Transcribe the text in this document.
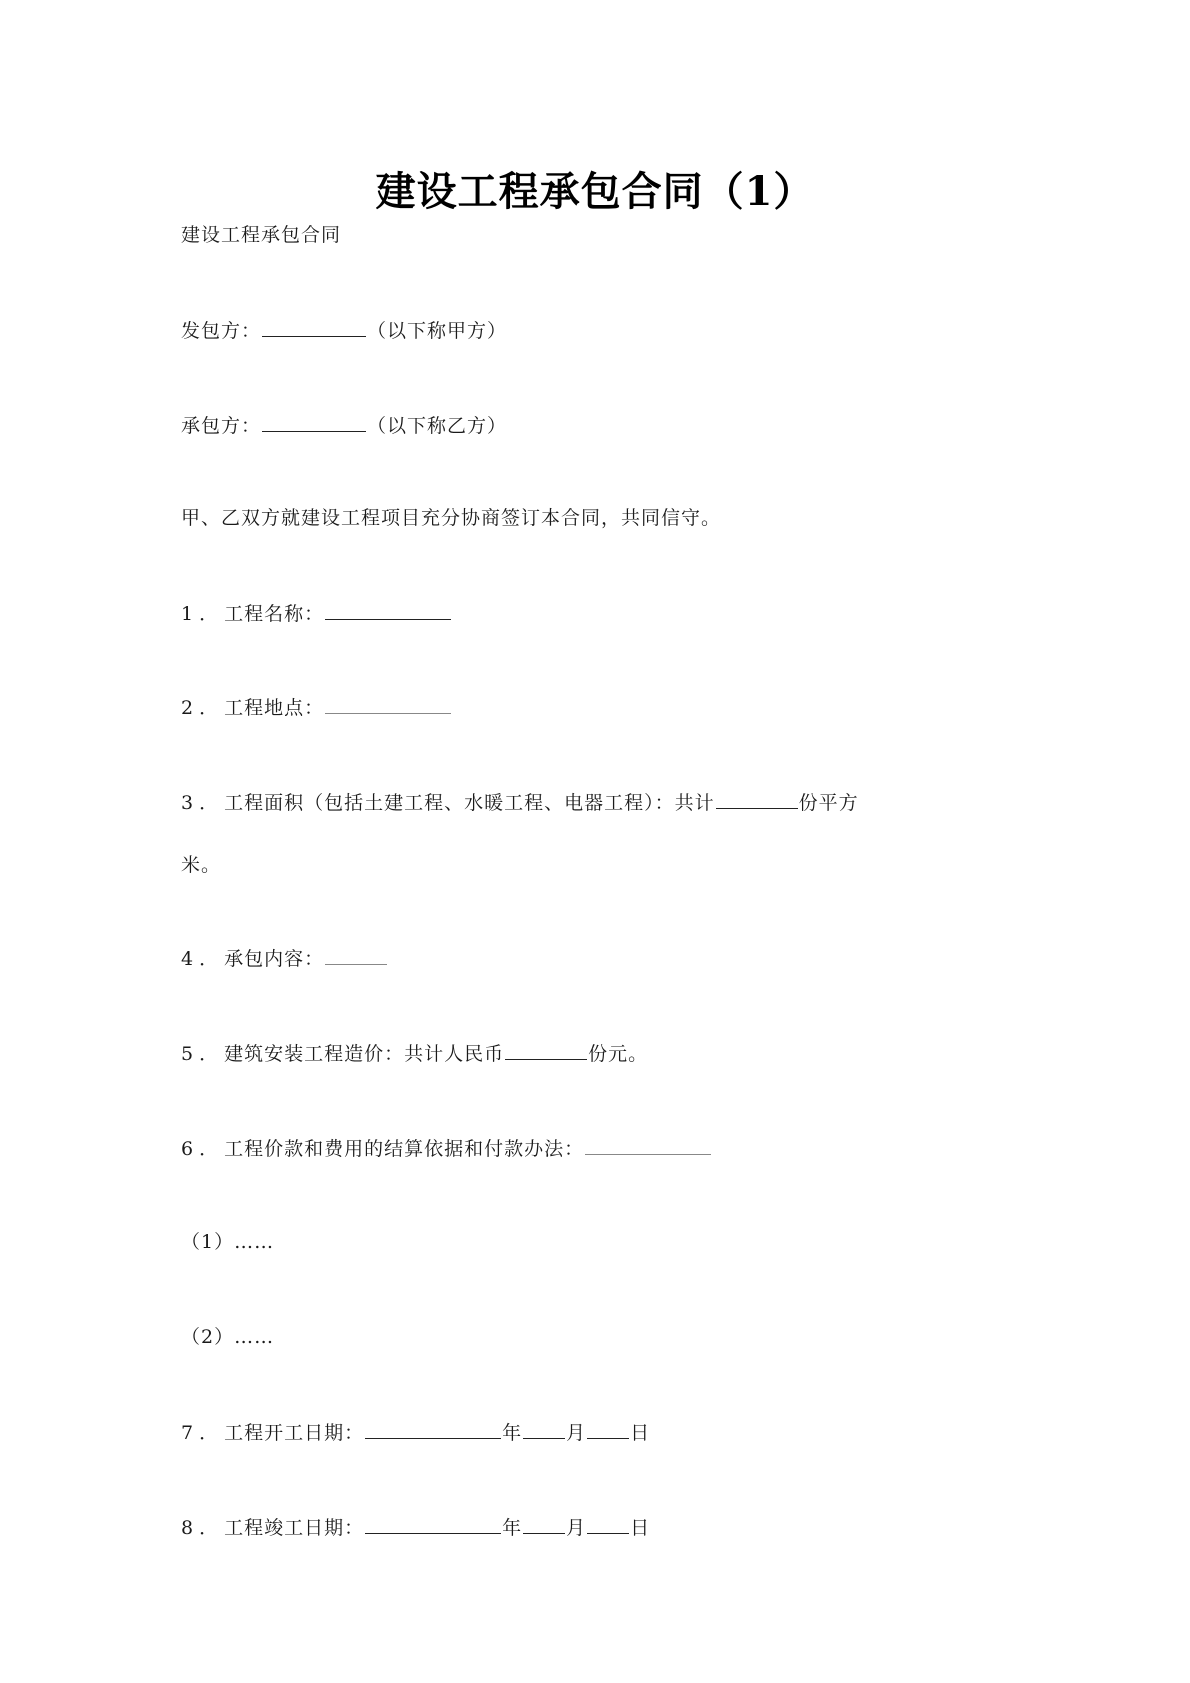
建设工程承包合同（1）
建设工程承包合同
发包方：	（以下称甲方）
承包方：	（以下称乙方）
甲、乙双方就建设工程项目充分协商签订本合同，共同信守。
1．工程名称：
2．工程地点：
3．工程面积（包括土建工程、水暖工程、电器工程）：共计	份平方
米。
4．承包内容：
5．建筑安装工程造价：共计人民币	份元。
6．工程价款和费用的结算依据和付款办法：
（1）……
（2）……
7．工程开工日期：	年 月 日
8．工程竣工日期：	年 月 日
